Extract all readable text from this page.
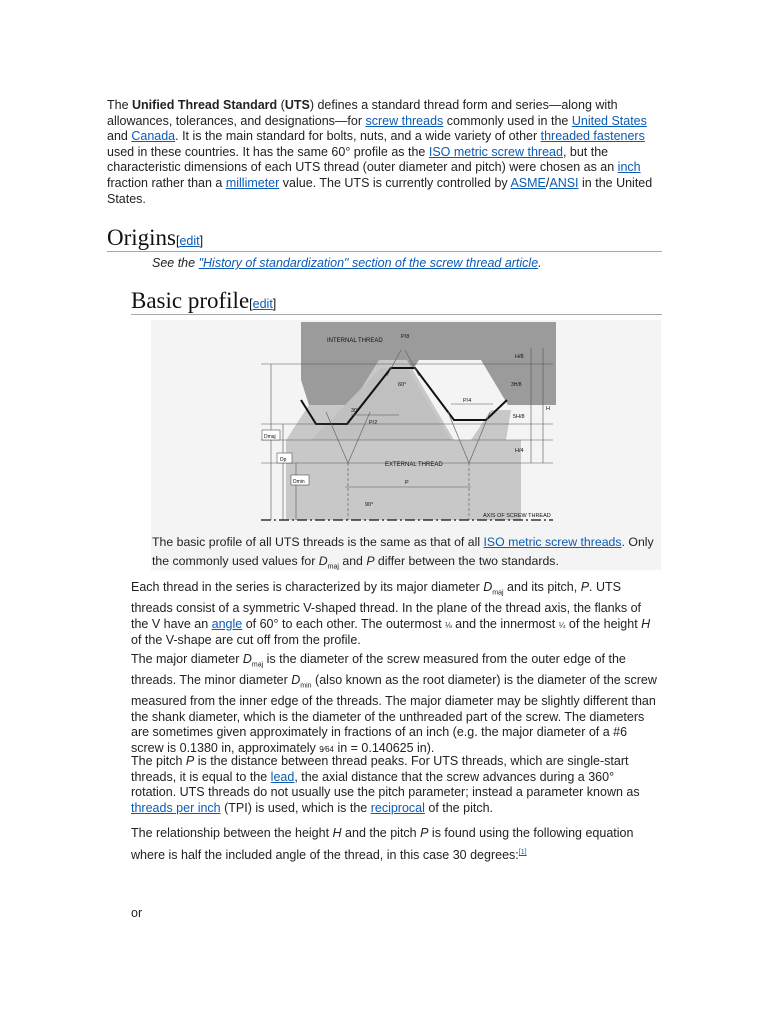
The Unified Thread Standard (UTS) defines a standard thread form and series—along with allowances, tolerances, and designations—for screw threads commonly used in the United States and Canada. It is the main standard for bolts, nuts, and a wide variety of other threaded fasteners used in these countries. It has the same 60° profile as the ISO metric screw thread, but the characteristic dimensions of each UTS thread (outer diameter and pitch) were chosen as an inch fraction rather than a millimeter value. The UTS is currently controlled by ASME/ANSI in the United States.

Origins[edit]

See the "History of standardization" section of the screw thread article.

Basic profile[edit]
INTERNAL THREAD
EXTERNAL THREAD
AXIS OF SCREW THREAD
P/8
P/4
P/2
P
H/8
3H/8
5H/8
H/4
H
60°
30°
90°
Dmaj
Dp
Dmin

The basic profile of all UTS threads is the same as that of all ISO metric screw threads. Only the commonly used values for $D_{maj}$ and P differ between the two standards.

Each thread in the series is characterized by its major diameter $D_{maj}$ and its pitch, P. UTS threads consist of a symmetric V-shaped thread. In the plane of the thread axis, the flanks of the V have an angle of 60° to each other. The outermost ⅛ and the innermost ¼ of the height H of the V-shape are cut off from the profile.

The major diameter $D_{maj}$ is the diameter of the screw measured from the outer edge of the threads. The minor diameter $D_{min}$ (also known as the root diameter) is the diameter of the screw measured from the inner edge of the threads. The major diameter may be slightly different than the shank diameter, which is the diameter of the unthreaded part of the screw. The diameters are sometimes given approximately in fractions of an inch (e.g. the major diameter of a #6 screw is 0.1380 in, approximately 9⁄64 in = 0.140625 in).

The pitch P is the distance between thread peaks. For UTS threads, which are single-start threads, it is equal to the lead, the axial distance that the screw advances during a 360° rotation. UTS threads do not usually use the pitch parameter; instead a parameter known as threads per inch (TPI) is used, which is the reciprocal of the pitch.

The relationship between the height H and the pitch P is found using the following equation where is half the included angle of the thread, in this case 30 degrees:[1]

or
